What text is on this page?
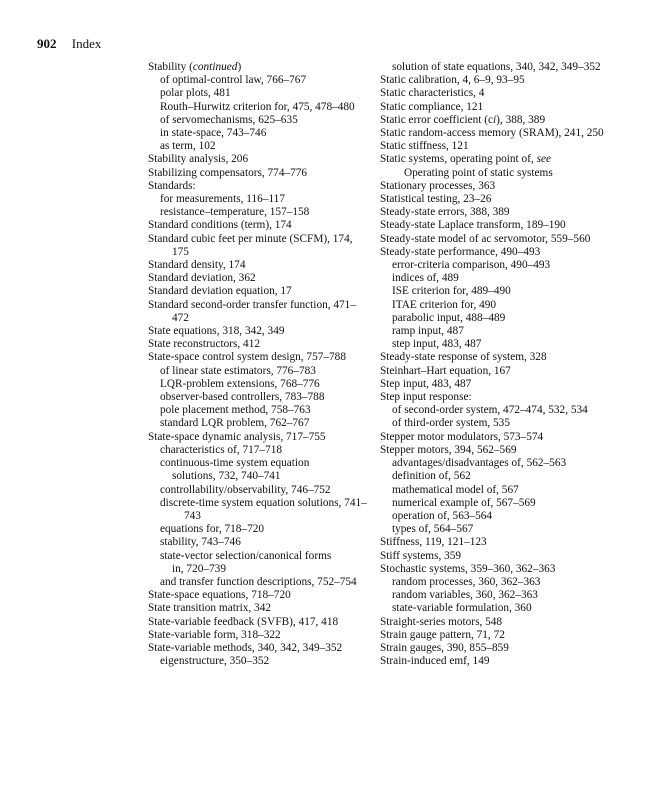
902 Index
Stability (continued)
of optimal-control law, 766–767
polar plots, 481
Routh–Hurwitz criterion for, 475, 478–480
of servomechanisms, 625–635
in state-space, 743–746
as term, 102
Stability analysis, 206
Stabilizing compensators, 774–776
Standards:
for measurements, 116–117
resistance–temperature, 157–158
Standard conditions (term), 174
Standard cubic feet per minute (SCFM), 174, 175
Standard density, 174
Standard deviation, 362
Standard deviation equation, 17
Standard second-order transfer function, 471–472
State equations, 318, 342, 349
State reconstructors, 412
State-space control system design, 757–788
of linear state estimators, 776–783
LQR-problem extensions, 768–776
observer-based controllers, 783–788
pole placement method, 758–763
standard LQR problem, 762–767
State-space dynamic analysis, 717–755
characteristics of, 717–718
continuous-time system equation
solutions, 732, 740–741
controllability/observability, 746–752
discrete-time system equation solutions, 741–743
equations for, 718–720
stability, 743–746
state-vector selection/canonical forms
in, 720–739
and transfer function descriptions, 752–754
State-space equations, 718–720
State transition matrix, 342
State-variable feedback (SVFB), 417, 418
State-variable form, 318–322
State-variable methods, 340, 342, 349–352
eigenstructure, 350–352
solution of state equations, 340, 342, 349–352
Static calibration, 4, 6–9, 93–95
Static characteristics, 4
Static compliance, 121
Static error coefficient (ci), 388, 389
Static random-access memory (SRAM), 241, 250
Static stiffness, 121
Static systems, operating point of, see
Operating point of static systems
Stationary processes, 363
Statistical testing, 23–26
Steady-state errors, 388, 389
Steady-state Laplace transform, 189–190
Steady-state model of ac servomotor, 559–560
Steady-state performance, 490–493
error-criteria comparison, 490–493
indices of, 489
ISE criterion for, 489–490
ITAE criterion for, 490
parabolic input, 488–489
ramp input, 487
step input, 483, 487
Steady-state response of system, 328
Steinhart–Hart equation, 167
Step input, 483, 487
Step input response:
of second-order system, 472–474, 532, 534
of third-order system, 535
Stepper motor modulators, 573–574
Stepper motors, 394, 562–569
advantages/disadvantages of, 562–563
definition of, 562
mathematical model of, 567
numerical example of, 567–569
operation of, 563–564
types of, 564–567
Stiffness, 119, 121–123
Stiff systems, 359
Stochastic systems, 359–360, 362–363
random processes, 360, 362–363
random variables, 360, 362–363
state-variable formulation, 360
Straight-series motors, 548
Strain gauge pattern, 71, 72
Strain gauges, 390, 855–859
Strain-induced emf, 149
